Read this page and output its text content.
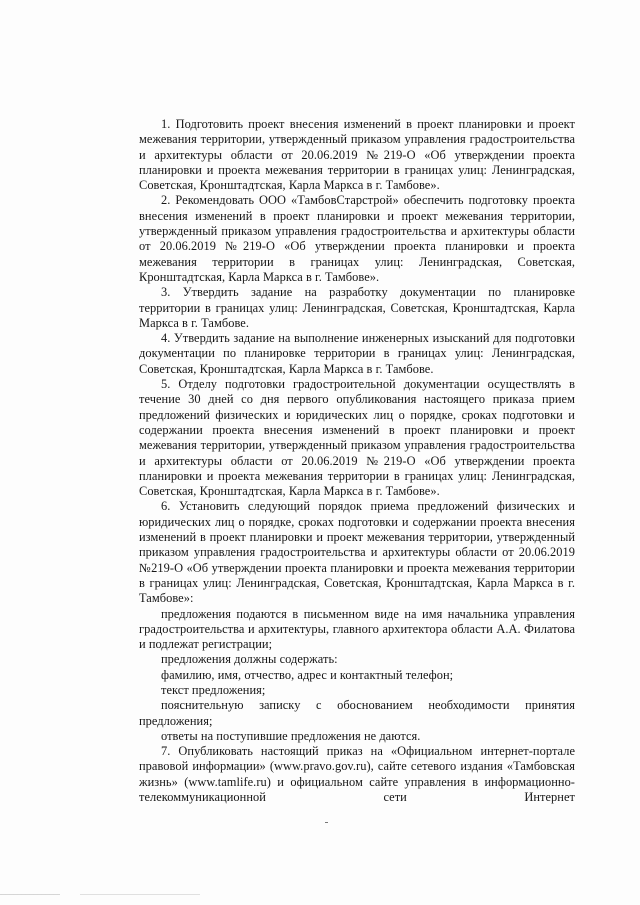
1. Подготовить проект внесения изменений в проект планировки и проект межевания территории, утвержденный приказом управления градостроительства и архитектуры области от 20.06.2019 №219-О «Об утверждении проекта планировки и проекта межевания территории в границах улиц: Ленинградская, Советская, Кронштадтская, Карла Маркса в г. Тамбове».

2. Рекомендовать ООО «ТамбовСтарстрой» обеспечить подготовку проекта внесения изменений в проект планировки и проект межевания территории, утвержденный приказом управления градостроительства и архитектуры области от 20.06.2019 №219-О «Об утверждении проекта планировки и проекта межевания территории в границах улиц: Ленинградская, Советская, Кронштадтская, Карла Маркса в г. Тамбове».

3. Утвердить задание на разработку документации по планировке территории в границах улиц: Ленинградская, Советская, Кронштадтская, Карла Маркса в г. Тамбове.

4. Утвердить задание на выполнение инженерных изысканий для подготовки документации по планировке территории в границах улиц: Ленинградская, Советская, Кронштадтская, Карла Маркса в г. Тамбове.

5. Отделу подготовки градостроительной документации осуществлять в течение 30 дней со дня первого опубликования настоящего приказа прием предложений физических и юридических лиц о порядке, сроках подготовки и содержании проекта внесения изменений в проект планировки и проект межевания территории, утвержденный приказом управления градостроительства и архитектуры области от 20.06.2019 №219-О «Об утверждении проекта планировки и проекта межевания территории в границах улиц: Ленинградская, Советская, Кронштадтская, Карла Маркса в г. Тамбове».

6. Установить следующий порядок приема предложений физических и юридических лиц о порядке, сроках подготовки и содержании проекта внесения изменений в проект планировки и проект межевания территории, утвержденный приказом управления градостроительства и архитектуры области от 20.06.2019 №219-О «Об утверждении проекта планировки и проекта межевания территории в границах улиц: Ленинградская, Советская, Кронштадтская, Карла Маркса в г. Тамбове»:

предложения подаются в письменном виде на имя начальника управления градостроительства и архитектуры, главного архитектора области А.А. Филатова и подлежат регистрации;

предложения должны содержать:

фамилию, имя, отчество, адрес и контактный телефон;

текст предложения;

пояснительную записку с обоснованием необходимости принятия предложения;

ответы на поступившие предложения не даются.

7. Опубликовать настоящий приказ на «Официальном интернет-портале правовой информации» (www.pravo.gov.ru), сайте сетевого издания «Тамбовская жизнь» (www.tamlife.ru) и официальном сайте управления в информационно-телекоммуникационной сети Интернет
